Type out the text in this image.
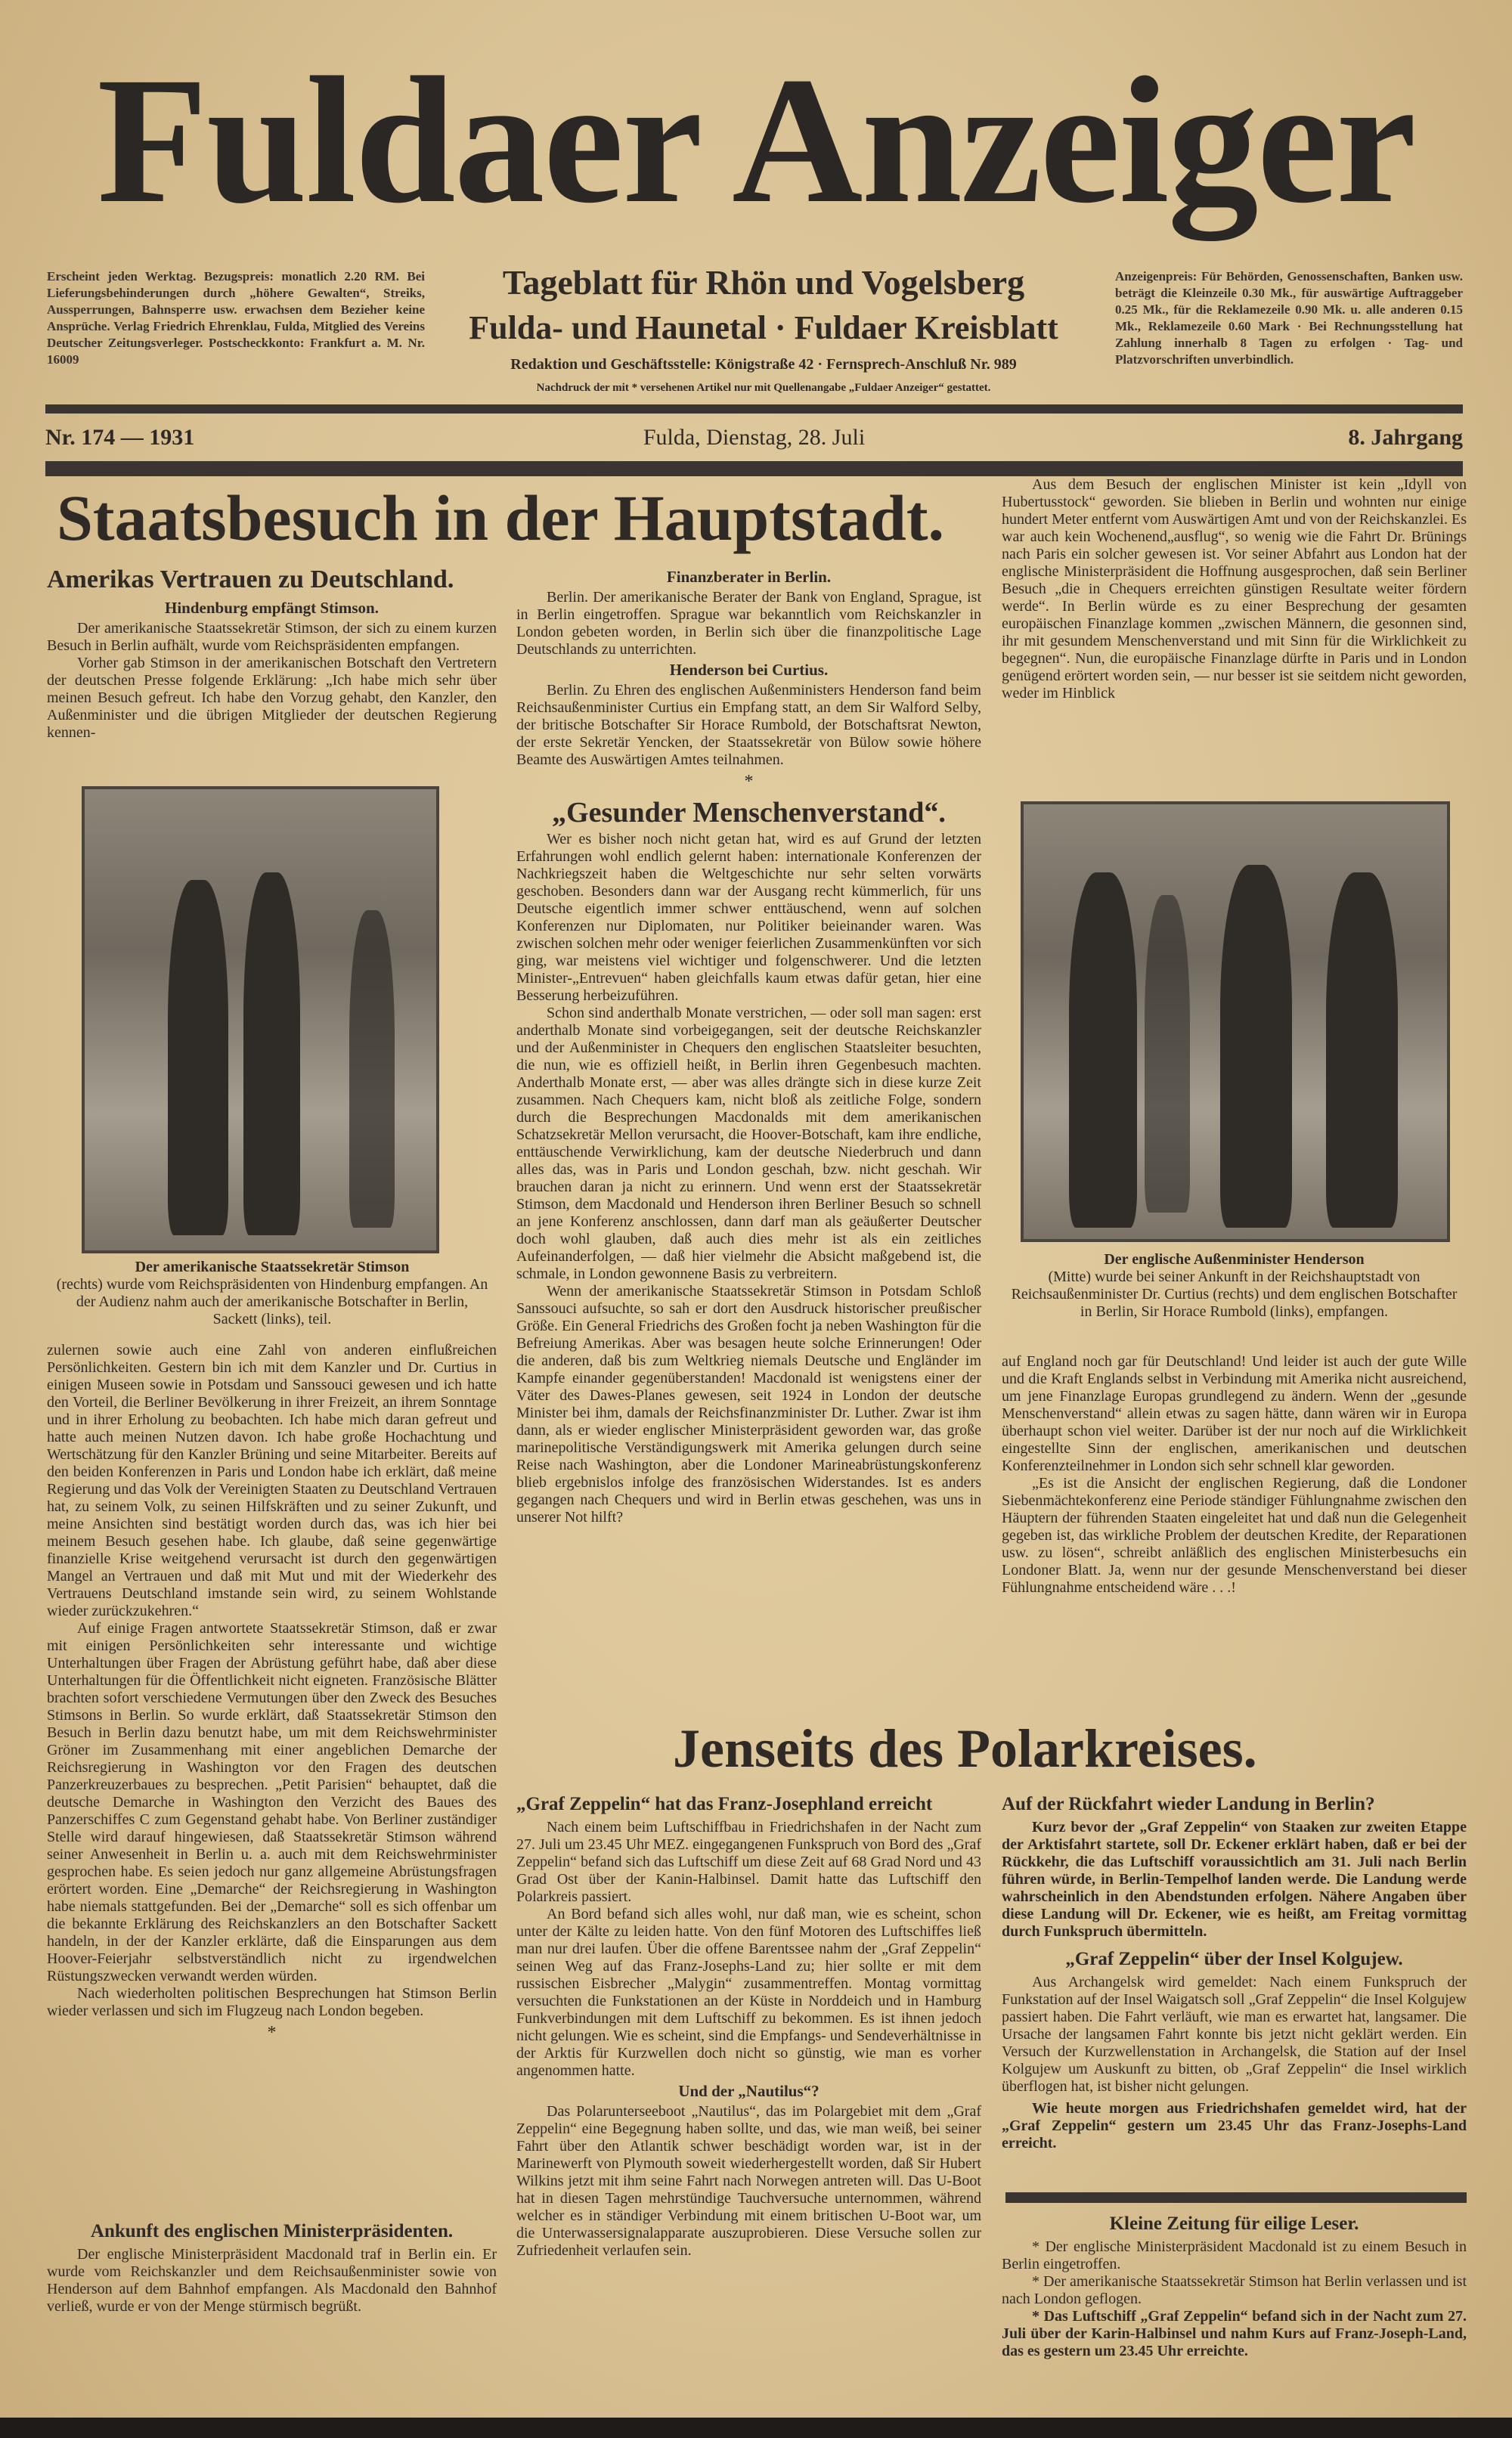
Fuldaer Anzeiger
Erscheint jeden Werktag. Bezugspreis: monatlich 2.20 RM. Bei Lieferungsbehinderungen durch „höhere Gewalten“, Streiks, Aussperrungen, Bahnsperre usw. erwachsen dem Bezieher keine Ansprüche. Verlag Friedrich Ehrenklau, Fulda, Mitglied des Vereins Deutscher Zeitungsverleger. Postscheckkonto: Frankfurt a. M. Nr. 16009
Tageblatt für Rhön und Vogelsberg
Fulda- und Haunetal · Fuldaer Kreisblatt
Redaktion und Geschäftsstelle: Königstraße 42 · Fernsprech-Anschluß Nr. 989
Nachdruck der mit * versehenen Artikel nur mit Quellenangabe „Fuldaer Anzeiger“ gestattet.
Anzeigenpreis: Für Behörden, Genossenschaften, Banken usw. beträgt die Kleinzeile 0.30 Mk., für auswärtige Auftraggeber 0.25 Mk., für die Reklamezeile 0.90 Mk. u. alle anderen 0.15 Mk., Reklamezeile 0.60 Mark · Bei Rechnungsstellung hat Zahlung innerhalb 8 Tagen zu erfolgen · Tag- und Platzvorschriften unverbindlich.
Nr. 174 — 1931	Fulda, Dienstag, 28. Juli	8. Jahrgang
Staatsbesuch in der Hauptstadt.
Amerikas Vertrauen zu Deutschland.
Hindenburg empfängt Stimson.

Der amerikanische Staatssekretär Stimson, der sich zu einem kurzen Besuch in Berlin aufhält, wurde vom Reichspräsidenten empfangen.

Vorher gab Stimson in der amerikanischen Botschaft den Vertretern der deutschen Presse folgende Erklärung: „Ich habe mich sehr über meinen Besuch gefreut. Ich habe den Vorzug gehabt, den Kanzler, den Außenminister und die übrigen Mitglieder der deutschen Regierung kennen-

Der amerikanische Staatssekretär Stimson
(rechts) wurde vom Reichspräsidenten von Hindenburg empfangen. An der Audienz nahm auch der amerikanische Botschafter in Berlin, Sackett (links), teil.

zulernen sowie auch eine Zahl von anderen einflußreichen Persönlichkeiten. Gestern bin ich mit dem Kanzler und Dr. Curtius in einigen Museen sowie in Potsdam und Sanssouci gewesen und ich hatte den Vorteil, die Berliner Bevölkerung in ihrer Freizeit, an ihrem Sonntage und in ihrer Erholung zu beobachten. Ich habe mich daran gefreut und hatte auch meinen Nutzen davon. Ich habe große Hochachtung und Wertschätzung für den Kanzler Brüning und seine Mitarbeiter. Bereits auf den beiden Konferenzen in Paris und London habe ich erklärt, daß meine Regierung und das Volk der Vereinigten Staaten zu Deutschland Vertrauen hat, zu seinem Volk, zu seinen Hilfskräften und zu seiner Zukunft, und meine Ansichten sind bestätigt worden durch das, was ich hier bei meinem Besuch gesehen habe. Ich glaube, daß seine gegenwärtige finanzielle Krise weitgehend verursacht ist durch den gegenwärtigen Mangel an Vertrauen und daß mit Mut und mit der Wiederkehr des Vertrauens Deutschland imstande sein wird, zu seinem Wohlstande wieder zurückzukehren.“

Auf einige Fragen antwortete Staatssekretär Stimson, daß er zwar mit einigen Persönlichkeiten sehr interessante und wichtige Unterhaltungen über Fragen der Abrüstung geführt habe, daß aber diese Unterhaltungen für die Öffentlichkeit nicht eigneten. Französische Blätter brachten sofort verschiedene Vermutungen über den Zweck des Besuches Stimsons in Berlin. So wurde erklärt, daß Staatssekretär Stimson den Besuch in Berlin dazu benutzt habe, um mit dem Reichswehrminister Gröner im Zusammenhang mit einer angeblichen Demarche der Reichsregierung in Washington vor den Fragen des deutschen Panzerkreuzerbaues zu besprechen. „Petit Parisien“ behauptet, daß die deutsche Demarche in Washington den Verzicht des Baues des Panzerschiffes C zum Gegenstand gehabt habe. Von Berliner zuständiger Stelle wird darauf hingewiesen, daß Staatssekretär Stimson während seiner Anwesenheit in Berlin u. a. auch mit dem Reichswehrminister gesprochen habe. Es seien jedoch nur ganz allgemeine Abrüstungsfragen erörtert worden. Eine „Demarche“ der Reichsregierung in Washington habe niemals stattgefunden. Bei der „Demarche“ soll es sich offenbar um die bekannte Erklärung des Reichskanzlers an den Botschafter Sackett handeln, in der der Kanzler erklärte, daß die Einsparungen aus dem Hoover-Feierjahr selbstverständlich nicht zu irgendwelchen Rüstungszwecken verwandt werden würden.

Nach wiederholten politischen Besprechungen hat Stimson Berlin wieder verlassen und sich im Flugzeug nach London begeben.

*
Ankunft des englischen Ministerpräsidenten.

Der englische Ministerpräsident Macdonald traf in Berlin ein. Er wurde vom Reichskanzler und dem Reichsaußenminister sowie von Henderson auf dem Bahnhof empfangen. Als Macdonald den Bahnhof verließ, wurde er von der Menge stürmisch begrüßt.

Finanzberater in Berlin.

Berlin. Der amerikanische Berater der Bank von England, Sprague, ist in Berlin eingetroffen. Sprague war bekanntlich vom Reichskanzler in London gebeten worden, in Berlin sich über die finanzpolitische Lage Deutschlands zu unterrichten.

Henderson bei Curtius.

Berlin. Zu Ehren des englischen Außenministers Henderson fand beim Reichsaußenminister Curtius ein Empfang statt, an dem Sir Walford Selby, der britische Botschafter Sir Horace Rumbold, der Botschaftsrat Newton, der erste Sekretär Yencken, der Staatssekretär von Bülow sowie höhere Beamte des Auswärtigen Amtes teilnahmen.

*
„Gesunder Menschenverstand“.

Wer es bisher noch nicht getan hat, wird es auf Grund der letzten Erfahrungen wohl endlich gelernt haben: internationale Konferenzen der Nachkriegszeit haben die Weltgeschichte nur sehr selten vorwärts geschoben. Besonders dann war der Ausgang recht kümmerlich, für uns Deutsche eigentlich immer schwer enttäuschend, wenn auf solchen Konferenzen nur Diplomaten, nur Politiker beieinander waren. Was zwischen solchen mehr oder weniger feierlichen Zusammenkünften vor sich ging, war meistens viel wichtiger und folgenschwerer. Und die letzten Minister-„Entrevuen“ haben gleichfalls kaum etwas dafür getan, hier eine Besserung herbeizuführen.

Schon sind anderthalb Monate verstrichen, — oder soll man sagen: erst anderthalb Monate sind vorbeigegangen, seit der deutsche Reichskanzler und der Außenminister in Chequers den englischen Staatsleiter besuchten, die nun, wie es offiziell heißt, in Berlin ihren Gegenbesuch machten. Anderthalb Monate erst, — aber was alles drängte sich in diese kurze Zeit zusammen. Nach Chequers kam, nicht bloß als zeitliche Folge, sondern durch die Besprechungen Macdonalds mit dem amerikanischen Schatzsekretär Mellon verursacht, die Hoover-Botschaft, kam ihre endliche, enttäuschende Verwirklichung, kam der deutsche Niederbruch und dann alles das, was in Paris und London geschah, bzw. nicht geschah. Wir brauchen daran ja nicht zu erinnern. Und wenn erst der Staatssekretär Stimson, dem Macdonald und Henderson ihren Berliner Besuch so schnell an jene Konferenz anschlossen, dann darf man als geäußerter Deutscher doch wohl glauben, daß auch dies mehr ist als ein zeitliches Aufeinanderfolgen, — daß hier vielmehr die Absicht maßgebend ist, die schmale, in London gewonnene Basis zu verbreitern.

Wenn der amerikanische Staatssekretär Stimson in Potsdam Schloß Sanssouci aufsuchte, so sah er dort den Ausdruck historischer preußischer Größe. Ein General Friedrichs des Großen focht ja neben Washington für die Befreiung Amerikas. Aber was besagen heute solche Erinnerungen! Oder die anderen, daß bis zum Weltkrieg niemals Deutsche und Engländer im Kampfe einander gegenüberstanden! Macdonald ist wenigstens einer der Väter des Dawes-Planes gewesen, seit 1924 in London der deutsche Minister bei ihm, damals der Reichsfinanzminister Dr. Luther. Zwar ist ihm dann, als er wieder englischer Ministerpräsident geworden war, das große marinepolitische Verständigungswerk mit Amerika gelungen durch seine Reise nach Washington, aber die Londoner Marineabrüstungskonferenz blieb ergebnislos infolge des französischen Widerstandes. Ist es anders gegangen nach Chequers und wird in Berlin etwas geschehen, was uns in unserer Not hilft?

Jenseits des Polarkreises.
„Graf Zeppelin“ hat das Franz-Josephland erreicht

Nach einem beim Luftschiffbau in Friedrichshafen in der Nacht zum 27. Juli um 23.45 Uhr MEZ. eingegangenen Funkspruch von Bord des „Graf Zeppelin“ befand sich das Luftschiff um diese Zeit auf 68 Grad Nord und 43 Grad Ost über der Kanin-Halbinsel. Damit hatte das Luftschiff den Polarkreis passiert.

An Bord befand sich alles wohl, nur daß man, wie es scheint, schon unter der Kälte zu leiden hatte. Von den fünf Motoren des Luftschiffes ließ man nur drei laufen. Über die offene Barentssee nahm der „Graf Zeppelin“ seinen Weg auf das Franz-Josephs-Land zu; hier sollte er mit dem russischen Eisbrecher „Malygin“ zusammentreffen. Montag vormittag versuchten die Funkstationen an der Küste in Norddeich und in Hamburg Funkverbindungen mit dem Luftschiff zu bekommen. Es ist ihnen jedoch nicht gelungen. Wie es scheint, sind die Empfangs- und Sendeverhältnisse in der Arktis für Kurzwellen doch nicht so günstig, wie man es vorher angenommen hatte.

Und der „Nautilus“?

Das Polarunterseeboot „Nautilus“, das im Polargebiet mit dem „Graf Zeppelin“ eine Begegnung haben sollte, und das, wie man weiß, bei seiner Fahrt über den Atlantik schwer beschädigt worden war, ist in der Marinewerft von Plymouth soweit wiederhergestellt worden, daß Sir Hubert Wilkins jetzt mit ihm seine Fahrt nach Norwegen antreten will. Das U-Boot hat in diesen Tagen mehrstündige Tauchversuche unternommen, während welcher es in ständiger Verbindung mit einem britischen U-Boot war, um die Unterwassersignalapparate auszuprobieren. Diese Versuche sollen zur Zufriedenheit verlaufen sein.

Aus dem Besuch der englischen Minister ist kein „Idyll von Hubertusstock“ geworden. Sie blieben in Berlin und wohnten nur einige hundert Meter entfernt vom Auswärtigen Amt und von der Reichskanzlei. Es war auch kein Wochenend„ausflug“, so wenig wie die Fahrt Dr. Brünings nach Paris ein solcher gewesen ist. Vor seiner Abfahrt aus London hat der englische Ministerpräsident die Hoffnung ausgesprochen, daß sein Berliner Besuch „die in Chequers erreichten günstigen Resultate weiter fördern werde“. In Berlin würde es zu einer Besprechung der gesamten europäischen Finanzlage kommen „zwischen Männern, die gesonnen sind, ihr mit gesundem Menschenverstand und mit Sinn für die Wirklichkeit zu begegnen“. Nun, die europäische Finanzlage dürfte in Paris und in London genügend erörtert worden sein, — nur besser ist sie seitdem nicht geworden, weder im Hinblick

Der englische Außenminister Henderson
(Mitte) wurde bei seiner Ankunft in der Reichshauptstadt von Reichsaußenminister Dr. Curtius (rechts) und dem englischen Botschafter in Berlin, Sir Horace Rumbold (links), empfangen.

auf England noch gar für Deutschland! Und leider ist auch der gute Wille und die Kraft Englands selbst in Verbindung mit Amerika nicht ausreichend, um jene Finanzlage Europas grundlegend zu ändern. Wenn der „gesunde Menschenverstand“ allein etwas zu sagen hätte, dann wären wir in Europa überhaupt schon viel weiter. Darüber ist der nur noch auf die Wirklichkeit eingestellte Sinn der englischen, amerikanischen und deutschen Konferenzteilnehmer in London sich sehr schnell klar geworden.

„Es ist die Ansicht der englischen Regierung, daß die Londoner Siebenmächtekonferenz eine Periode ständiger Fühlungnahme zwischen den Häuptern der führenden Staaten eingeleitet hat und daß nun die Gelegenheit gegeben ist, das wirkliche Problem der deutschen Kredite, der Reparationen usw. zu lösen“, schreibt anläßlich des englischen Ministerbesuchs ein Londoner Blatt. Ja, wenn nur der gesunde Menschenverstand bei dieser Fühlungnahme entscheidend wäre . . .!

Auf der Rückfahrt wieder Landung in Berlin?

Kurz bevor der „Graf Zeppelin“ von Staaken zur zweiten Etappe der Arktisfahrt startete, soll Dr. Eckener erklärt haben, daß er bei der Rückkehr, die das Luftschiff voraussichtlich am 31. Juli nach Berlin führen würde, in Berlin-Tempelhof landen werde. Die Landung werde wahrscheinlich in den Abendstunden erfolgen. Nähere Angaben über diese Landung will Dr. Eckener, wie es heißt, am Freitag vormittag durch Funkspruch übermitteln.

„Graf Zeppelin“ über der Insel Kolgujew.

Aus Archangelsk wird gemeldet: Nach einem Funkspruch der Funkstation auf der Insel Waigatsch soll „Graf Zeppelin“ die Insel Kolgujew passiert haben. Die Fahrt verläuft, wie man es erwartet hat, langsamer. Die Ursache der langsamen Fahrt konnte bis jetzt nicht geklärt werden. Ein Versuch der Kurzwellenstation in Archangelsk, die Station auf der Insel Kolgujew um Auskunft zu bitten, ob „Graf Zeppelin“ die Insel wirklich überflogen hat, ist bisher nicht gelungen.

Wie heute morgen aus Friedrichshafen gemeldet wird, hat der „Graf Zeppelin“ gestern um 23.45 Uhr das Franz-Josephs-Land erreicht.

Kleine Zeitung für eilige Leser.

* Der englische Ministerpräsident Macdonald ist zu einem Besuch in Berlin eingetroffen.

* Der amerikanische Staatssekretär Stimson hat Berlin verlassen und ist nach London geflogen.

* Das Luftschiff „Graf Zeppelin“ befand sich in der Nacht zum 27. Juli über der Karin-Halbinsel und nahm Kurs auf Franz-Joseph-Land, das es gestern um 23.45 Uhr erreichte.
